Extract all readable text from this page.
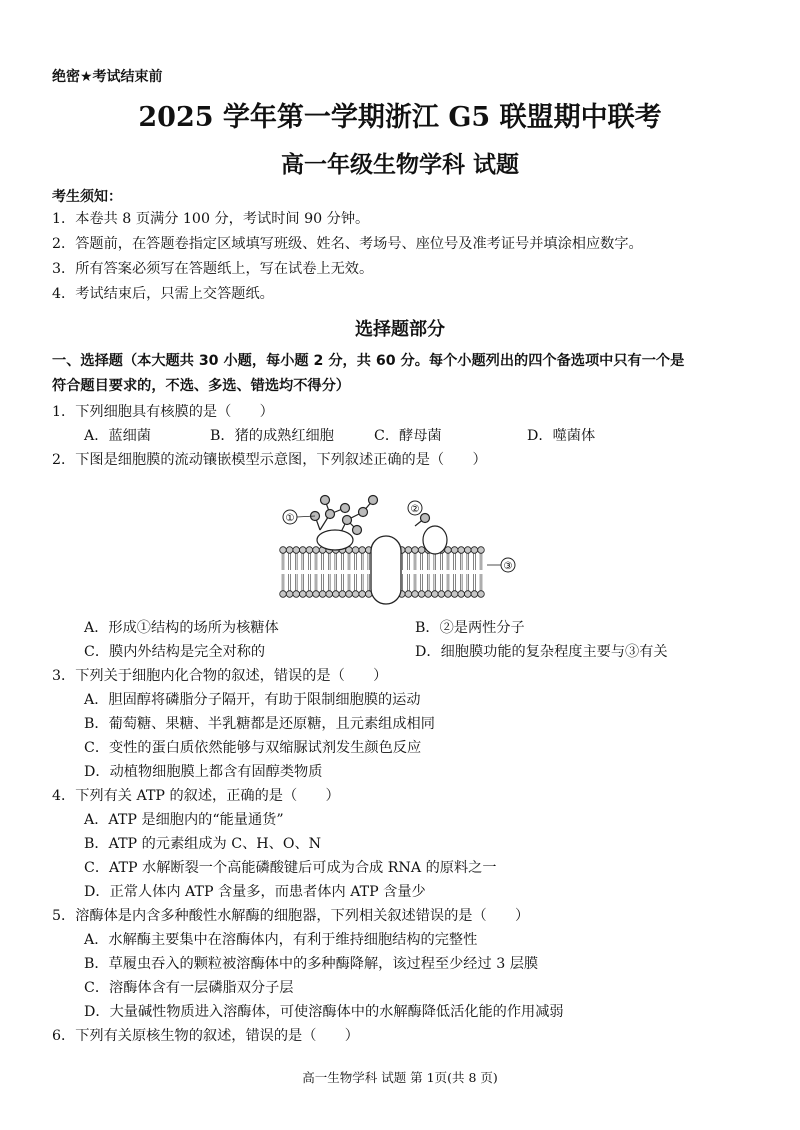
绝密★考试结束前
2025 学年第一学期浙江 G5 联盟期中联考
高一年级生物学科 试题
考生须知：
1．本卷共 8 页满分 100 分，考试时间 90 分钟。
2．答题前，在答题卷指定区域填写班级、姓名、考场号、座位号及准考证号并填涂相应数字。
3．所有答案必须写在答题纸上，写在试卷上无效。
4．考试结束后，只需上交答题纸。
选择题部分
一、选择题（本大题共 30 小题，每小题 2 分，共 60 分。每个小题列出的四个备选项中只有一个是
符合题目要求的，不选、多选、错选均不得分）
1．下列细胞具有核膜的是（　　）
A．蓝细菌	B．猪的成熟红细胞	C．酵母菌	D．噬菌体
2．下图是细胞膜的流动镶嵌模型示意图，下列叙述正确的是（　　）
①
②
③
A．形成①结构的场所为核糖体	B．②是两性分子
C．膜内外结构是完全对称的	D．细胞膜功能的复杂程度主要与③有关
3．下列关于细胞内化合物的叙述，错误的是（　　）
A．胆固醇将磷脂分子隔开，有助于限制细胞膜的运动
B．葡萄糖、果糖、半乳糖都是还原糖，且元素组成相同
C．变性的蛋白质依然能够与双缩脲试剂发生颜色反应
D．动植物细胞膜上都含有固醇类物质
4．下列有关 ATP 的叙述，正确的是（　　）
A．ATP 是细胞内的“能量通货”
B．ATP 的元素组成为 C、H、O、N
C．ATP 水解断裂一个高能磷酸键后可成为合成 RNA 的原料之一
D．正常人体内 ATP 含量多，而患者体内 ATP 含量少
5．溶酶体是内含多种酸性水解酶的细胞器，下列相关叙述错误的是（　　）
A．水解酶主要集中在溶酶体内，有利于维持细胞结构的完整性
B．草履虫吞入的颗粒被溶酶体中的多种酶降解，该过程至少经过 3 层膜
C．溶酶体含有一层磷脂双分子层
D．大量碱性物质进入溶酶体，可使溶酶体中的水解酶降低活化能的作用减弱
6．下列有关原核生物的叙述，错误的是（　　）
高一生物学科 试题 第 1页(共 8 页)
